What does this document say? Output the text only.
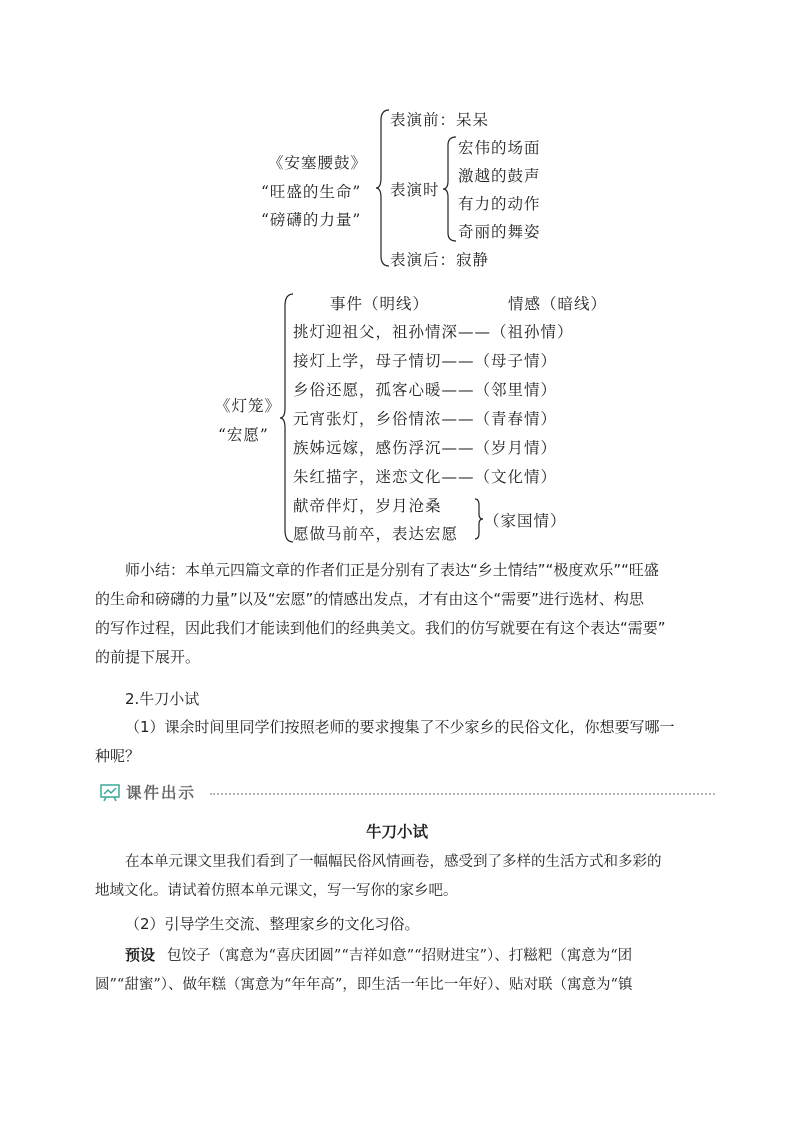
《安塞腰鼓》
“旺盛的生命”
“磅礴的力量”
表演前：呆呆
表演时
表演后：寂静
宏伟的场面
激越的鼓声
有力的动作
奇丽的舞姿
《灯笼》
“宏愿”
事件（明线）	情感（暗线）
挑灯迎祖父，祖孙情深——（祖孙情）
接灯上学，母子情切——（母子情）
乡俗还愿，孤客心暖——（邻里情）
元宵张灯，乡俗情浓——（青春情）
族姊远嫁，感伤浮沉——（岁月情）
朱红描字，迷恋文化——（文化情）
献帝伴灯，岁月沧桑
愿做马前卒，表达宏愿
（家国情）
师小结：本单元四篇文章的作者们正是分别有了表达“乡土情结”“极度欢乐”“旺盛
的生命和磅礴的力量”以及“宏愿”的情感出发点，才有由这个“需要”进行选材、构思
的写作过程，因此我们才能读到他们的经典美文。我们的仿写就要在有这个表达“需要”
的前提下展开。
2.牛刀小试
（1）课余时间里同学们按照老师的要求搜集了不少家乡的民俗文化，你想要写哪一
种呢？
课件出示
牛刀小试
在本单元课文里我们看到了一幅幅民俗风情画卷，感受到了多样的生活方式和多彩的
地域文化。请试着仿照本单元课文，写一写你的家乡吧。
（2）引导学生交流、整理家乡的文化习俗。
预设 包饺子（寓意为“喜庆团圆”“吉祥如意”“招财进宝”）、打糍粑（寓意为“团
圆”“甜蜜”）、做年糕（寓意为“年年高”，即生活一年比一年好）、贴对联（寓意为“镇
